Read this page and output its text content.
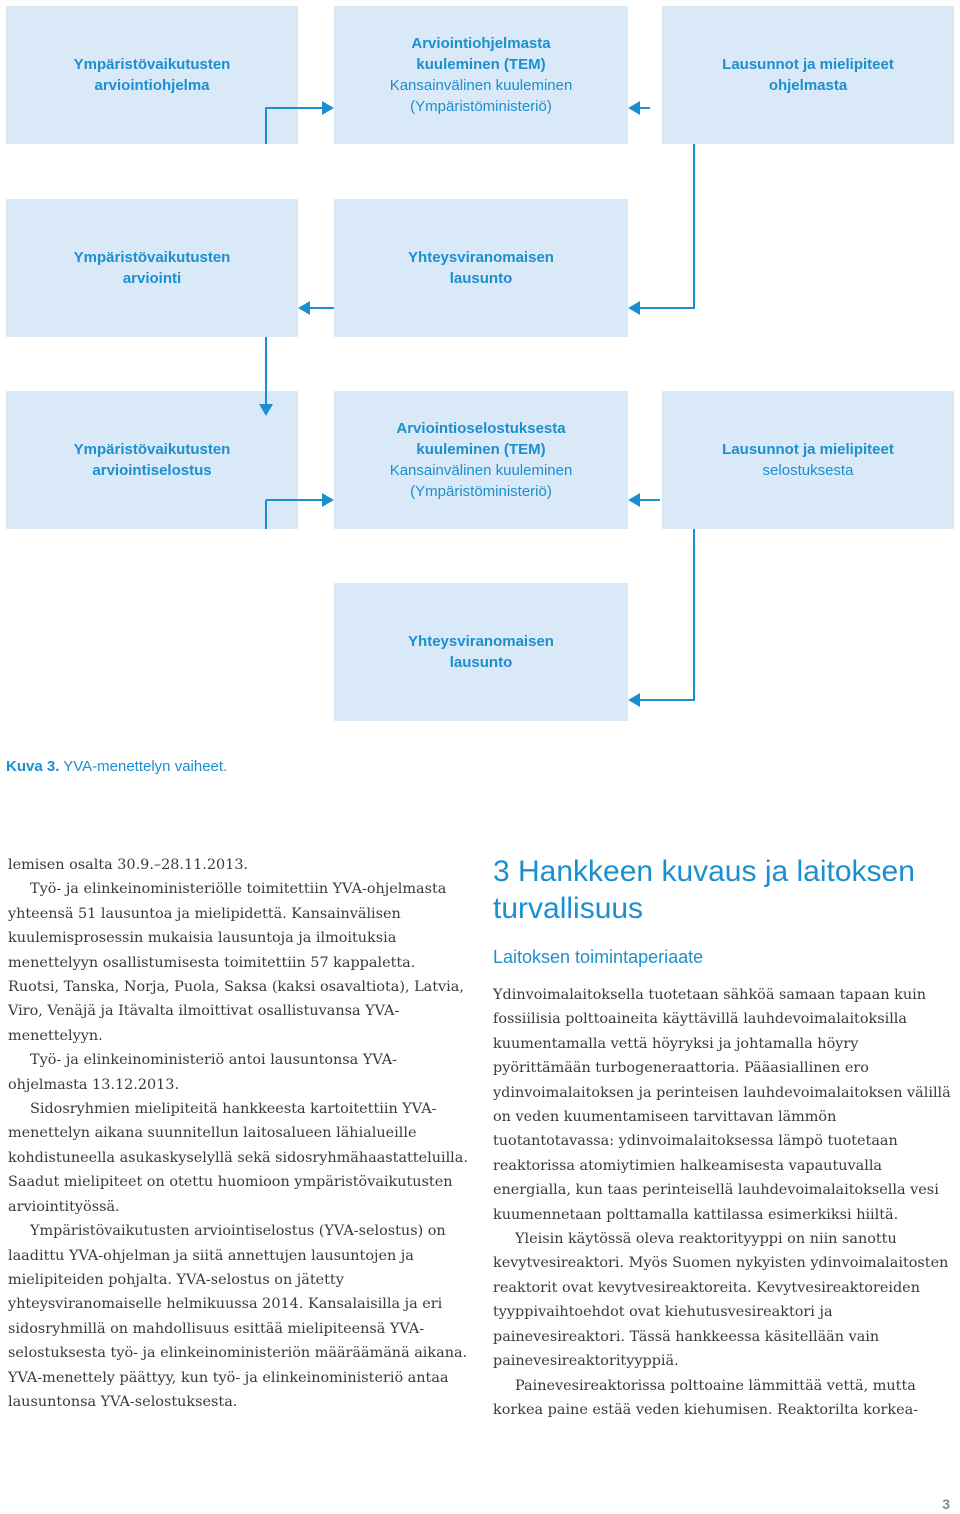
Ympäristövaikutusten
arviointiohjelma
Arviointiohjelmasta
kuuleminen (TEM)
Kansainvälinen kuuleminen
(Ympäristöministeriö)
Lausunnot ja mielipiteet
ohjelmasta
Ympäristövaikutusten
arviointi
Yhteysviranomaisen
lausunto
Ympäristövaikutusten
arviointiselostus
Arviointioselostuksesta
kuuleminen (TEM)
Kansainvälinen kuuleminen
(Ympäristöministeriö)
Lausunnot ja mielipiteet
selostuksesta
Yhteysviranomaisen
lausunto
Kuva 3. YVA-menettelyn vaiheet.

lemisen osalta 30.9.–28.11.2013.

Työ- ja elinkeinoministeriölle toimitettiin YVA-ohjelmasta yhteensä 51 lausuntoa ja mielipidettä. Kansainvälisen kuulemisprosessin mukaisia lausuntoja ja ilmoituksia menettelyyn osallistumisesta toimitettiin 57 kappaletta. Ruotsi, Tanska, Norja, Puola, Saksa (kaksi osavaltiota), Latvia, Viro, Venäjä ja Itävalta ilmoittivat osallistuvansa YVA-menettelyyn.

Työ- ja elinkeinoministeriö antoi lausuntonsa YVA-ohjelmasta 13.12.2013.

Sidosryhmien mielipiteitä hankkeesta kartoitettiin YVA-menettelyn aikana suunnitellun laitosalueen lähialueille kohdistuneella asukaskyselyllä sekä sidosryhmähaastatteluilla. Saadut mielipiteet on otettu huomioon ympäristövaikutusten arviointityössä.

Ympäristövaikutusten arviointiselostus (YVA-selostus) on laadittu YVA-ohjelman ja siitä annettujen lausuntojen ja mielipiteiden pohjalta. YVA-selostus on jätetty yhteysviranomaiselle helmikuussa 2014. Kansalaisilla ja eri sidosryhmillä on mahdollisuus esittää mielipiteensä YVA-selostuksesta työ- ja elinkeinoministeriön määräämänä aikana. YVA-menettely päättyy, kun työ- ja elinkeinoministeriö antaa lausuntonsa YVA-selostuksesta.

3 Hankkeen kuvaus ja laitoksen turvallisuus
Laitoksen toimintaperiaate

Ydinvoimalaitoksella tuotetaan sähköä samaan tapaan kuin fossiilisia polttoaineita käyttävillä lauhdevoimalaitoksilla kuumentamalla vettä höyryksi ja johtamalla höyry pyörittämään turbogeneraattoria. Pääasiallinen ero ydinvoimalaitoksen ja perinteisen lauhdevoimalaitoksen välillä on veden kuumentamiseen tarvittavan lämmön tuotantotavassa: ydinvoimalaitoksessa lämpö tuotetaan reaktorissa atomiytimien halkeamisesta vapautuvalla energialla, kun taas perinteisellä lauhdevoimalaitoksella vesi kuumennetaan polttamalla kattilassa esimerkiksi hiiltä.

Yleisin käytössä oleva reaktorityyppi on niin sanottu kevytvesireaktori. Myös Suomen nykyisten ydinvoimalaitosten reaktorit ovat kevytvesireaktoreita. Kevytvesireaktoreiden tyyppivaihtoehdot ovat kiehutusvesireaktori ja painevesireaktori. Tässä hankkeessa käsitellään vain painevesireaktorityyppiä.

Painevesireaktorissa polttoaine lämmittää vettä, mutta korkea paine estää veden kiehumisen. Reaktorilta korkea-

3
